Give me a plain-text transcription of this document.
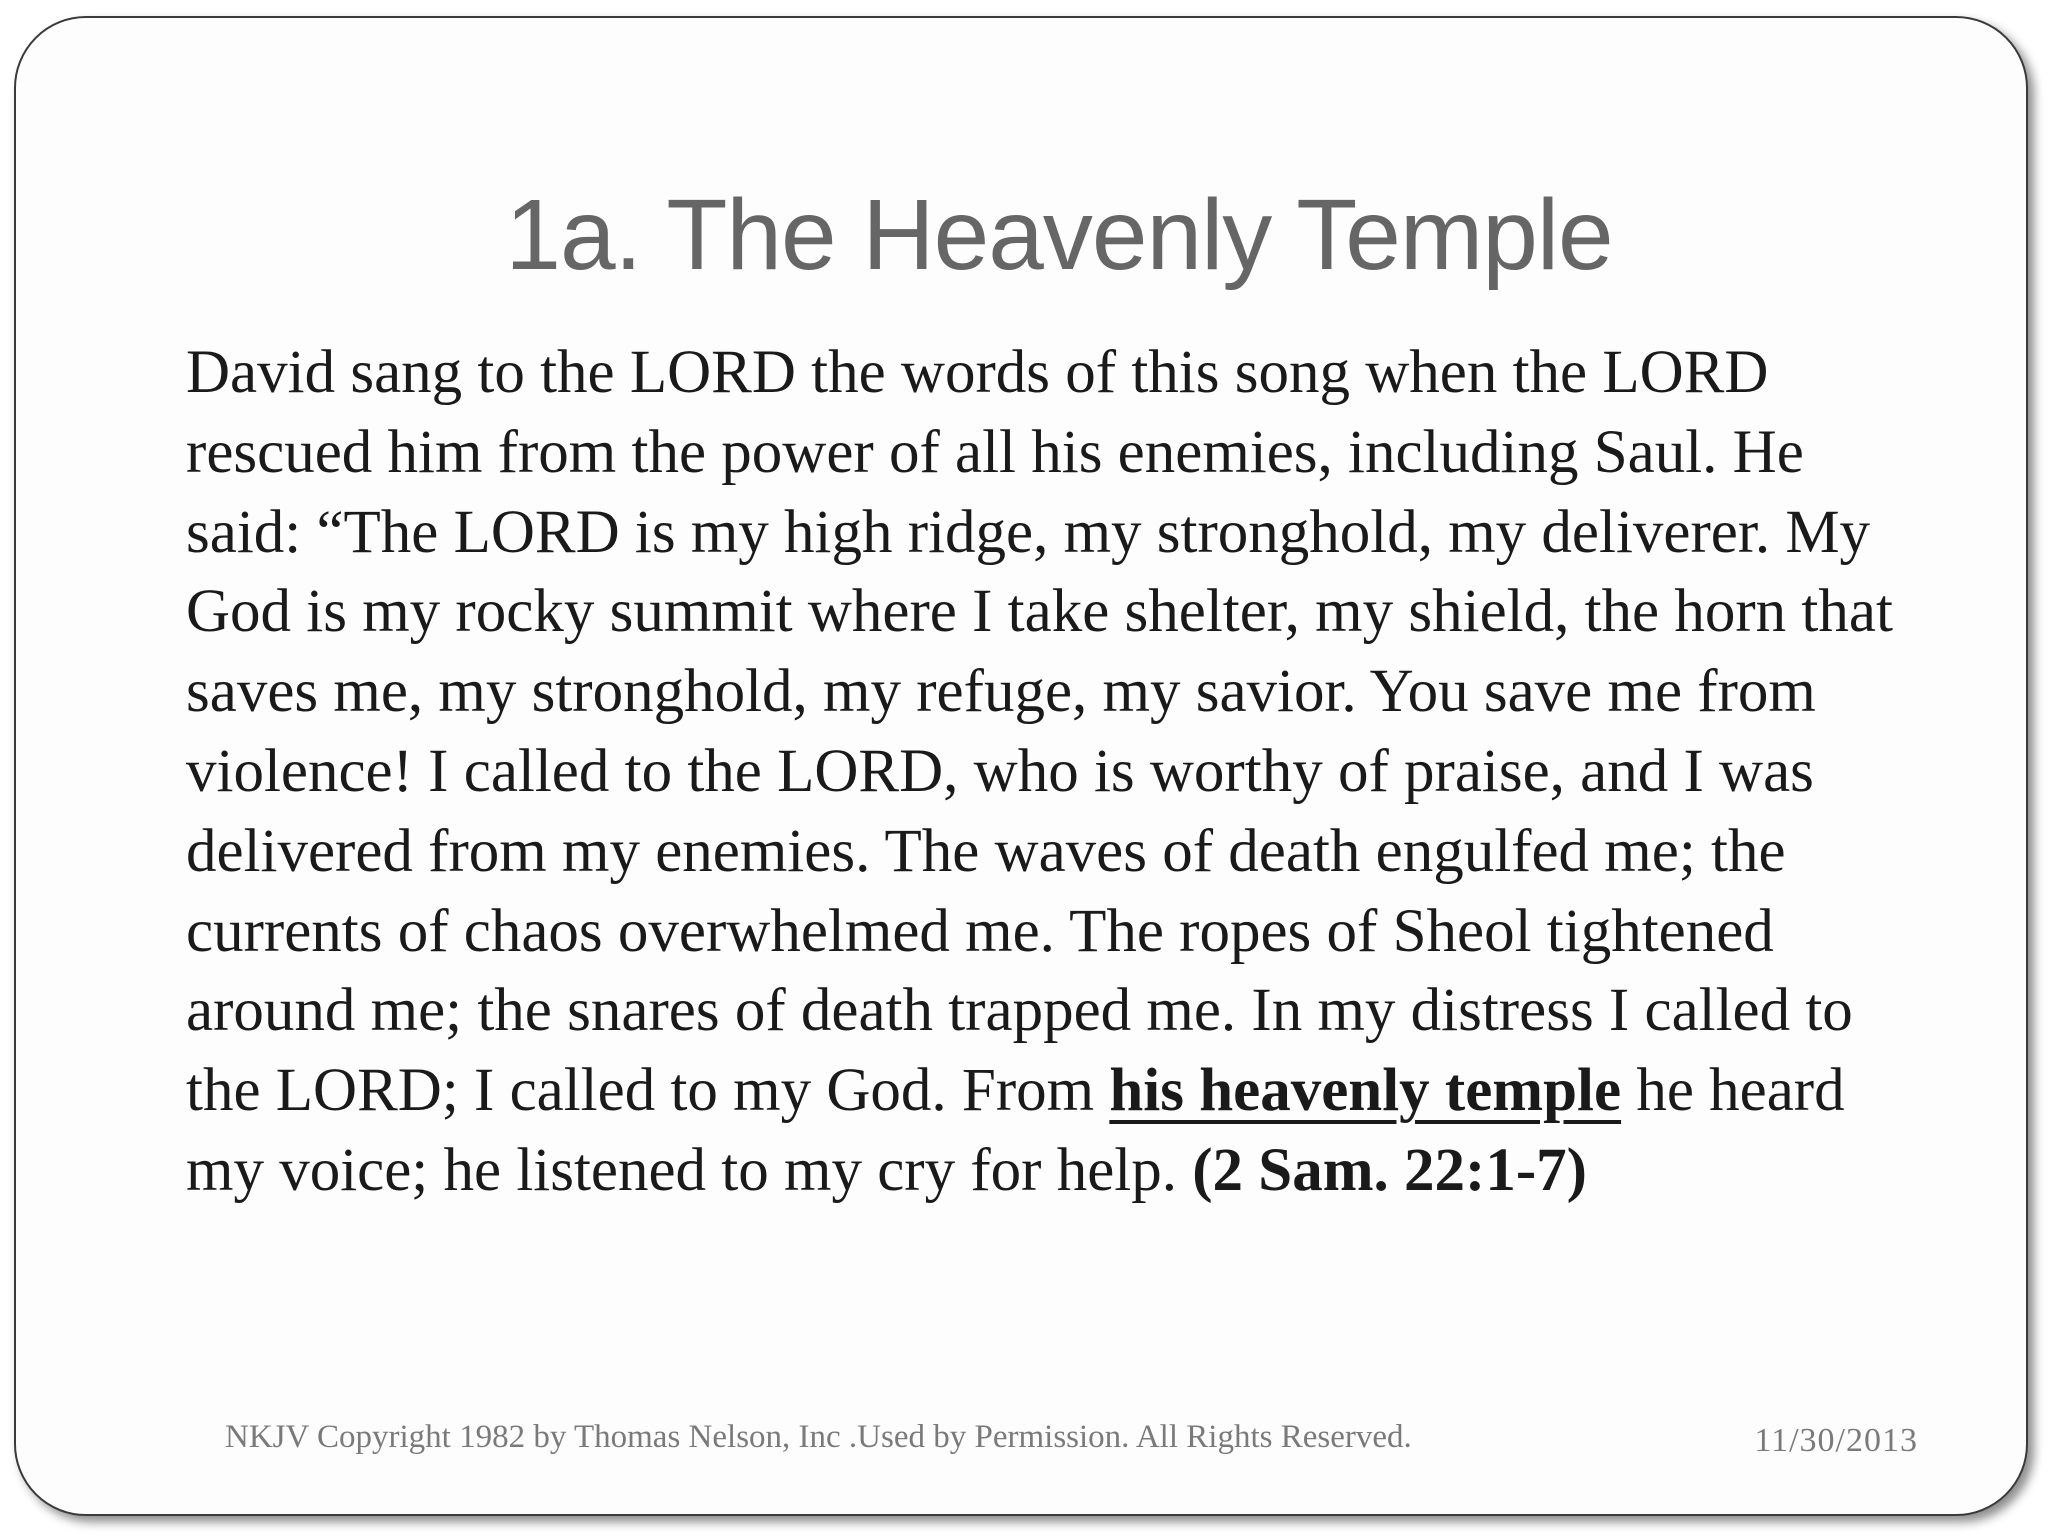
1a. The Heavenly Temple

David sang to the LORD the words of this song when the LORD rescued him from the power of all his enemies, including Saul. He said: “The LORD is my high ridge, my stronghold, my deliverer. My God is my rocky summit where I take shelter, my shield, the horn that saves me, my stronghold, my refuge, my savior. You save me from violence! I called to the LORD, who is worthy of praise, and I was delivered from my enemies. The waves of death engulfed me; the currents of chaos overwhelmed me. The ropes of Sheol tightened around me; the snares of death trapped me. In my distress I called to the LORD; I called to my God. From his heavenly temple he heard my voice; he listened to my cry for help. (2 Sam. 22:1-7)

NKJV Copyright 1982 by Thomas Nelson, Inc .Used by Permission. All Rights Reserved.	11/30/2013
